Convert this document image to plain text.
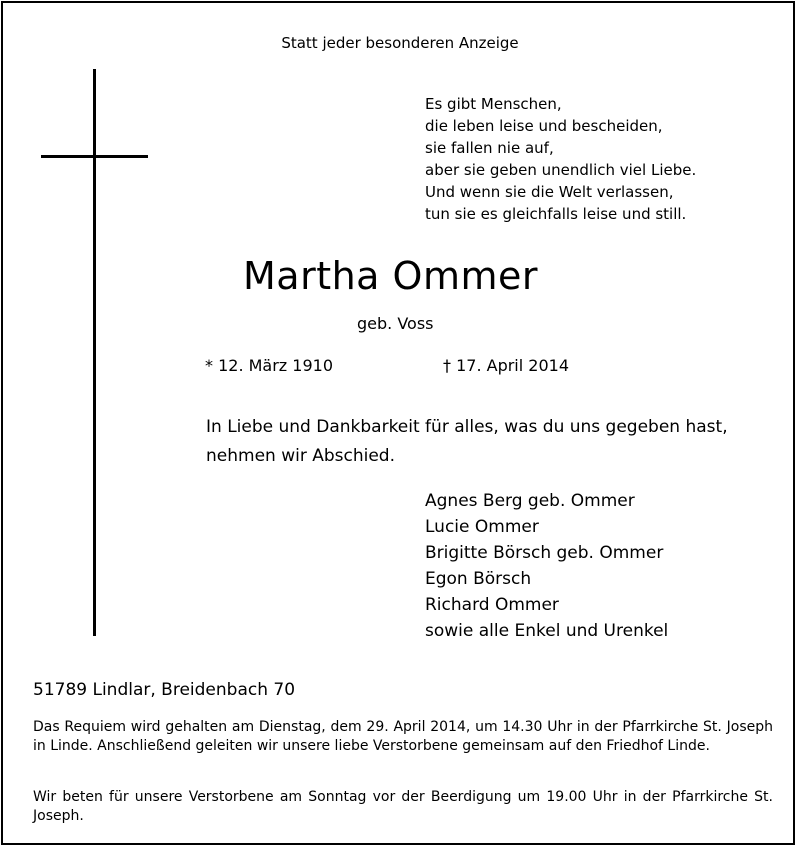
Statt jeder besonderen Anzeige
Es gibt Menschen,
die leben leise und bescheiden,
sie fallen nie auf,
aber sie geben unendlich viel Liebe.
Und wenn sie die Welt verlassen,
tun sie es gleichfalls leise und still.
Martha Ommer
geb. Voss
* 12. März 1910	† 17. April 2014
In Liebe und Dankbarkeit für alles, was du uns gegeben hast,
nehmen wir Abschied.
Agnes Berg geb. Ommer
Lucie Ommer
Brigitte Börsch geb. Ommer
Egon Börsch
Richard Ommer
sowie alle Enkel und Urenkel
51789 Lindlar, Breidenbach 70
Das Requiem wird gehalten am Dienstag, dem 29. April 2014, um 14.30 Uhr in der Pfarrkirche St. Joseph in Linde. Anschließend geleiten wir unsere liebe Verstorbene gemeinsam auf den Friedhof Linde.
Wir beten für unsere Verstorbene am Sonntag vor der Beerdigung um 19.00 Uhr in der Pfarrkirche St. Joseph.
